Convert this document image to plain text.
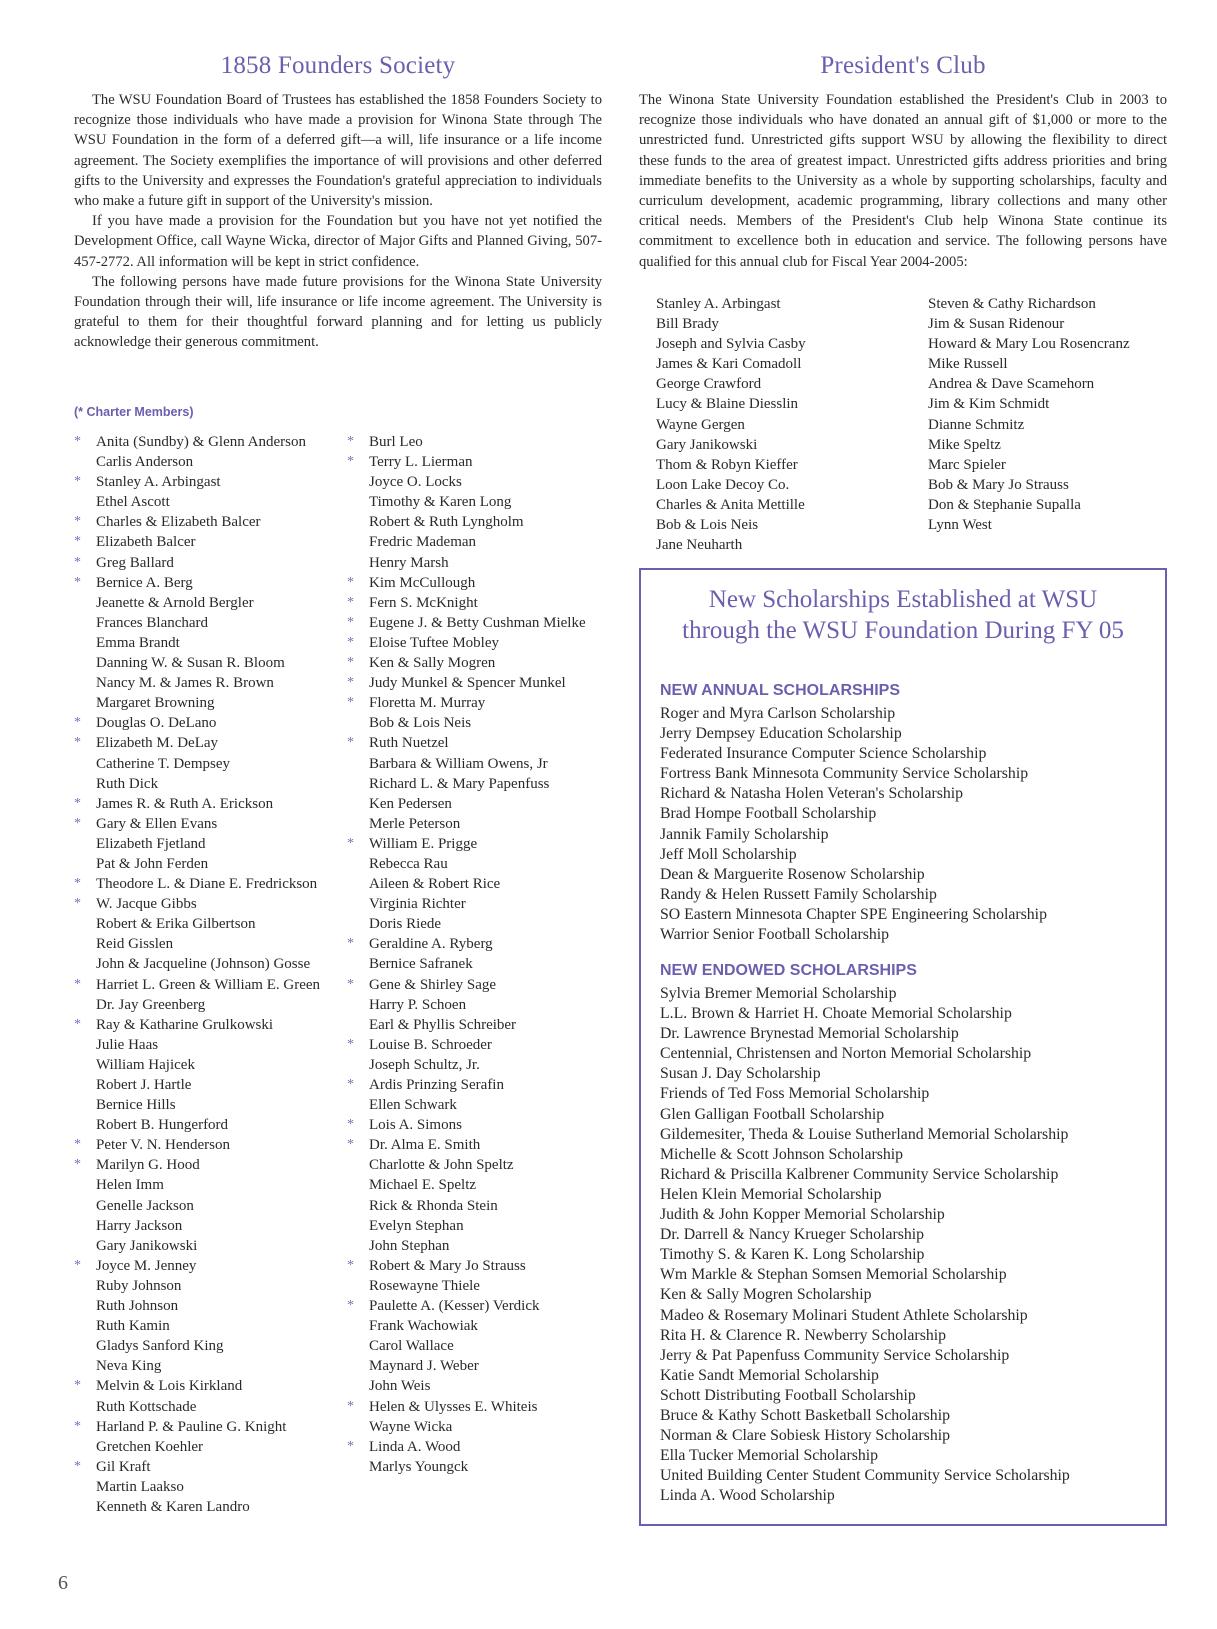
1858 Founders Society

The WSU Foundation Board of Trustees has established the 1858 Founders Society to recognize those individuals who have made a provision for Winona State through The WSU Foundation in the form of a deferred gift—a will, life insurance or a life income agreement. The Society exemplifies the importance of will provisions and other deferred gifts to the University and expresses the Foundation's grateful appreciation to individuals who make a future gift in support of the University's mission.

If you have made a provision for the Foundation but you have not yet notified the Development Office, call Wayne Wicka, director of Major Gifts and Planned Giving, 507-457-2772. All information will be kept in strict confidence.

The following persons have made future provisions for the Winona State University Foundation through their will, life insurance or life income agreement. The University is grateful to them for their thoughtful forward planning and for letting us publicly acknowledge their generous commitment.

(* Charter Members)
* Anita (Sundby) & Glenn Anderson
Carlis Anderson
* Stanley A. Arbingast
Ethel Ascott
* Charles & Elizabeth Balcer
* Elizabeth Balcer
* Greg Ballard
* Bernice A. Berg
Jeanette & Arnold Bergler
Frances Blanchard
Emma Brandt
Danning W. & Susan R. Bloom
Nancy M. & James R. Brown
Margaret Browning
* Douglas O. DeLano
* Elizabeth M. DeLay
Catherine T. Dempsey
Ruth Dick
* James R. & Ruth A. Erickson
* Gary & Ellen Evans
Elizabeth Fjetland
Pat & John Ferden
* Theodore L. & Diane E. Fredrickson
* W. Jacque Gibbs
Robert & Erika Gilbertson
Reid Gisslen
John & Jacqueline (Johnson) Gosse
* Harriet L. Green & William E. Green
Dr. Jay Greenberg
* Ray & Katharine Grulkowski
Julie Haas
William Hajicek
Robert J. Hartle
Bernice Hills
Robert B. Hungerford
* Peter V. N. Henderson
* Marilyn G. Hood
Helen Imm
Genelle Jackson
Harry Jackson
Gary Janikowski
* Joyce M. Jenney
Ruby Johnson
Ruth Johnson
Ruth Kamin
Gladys Sanford King
Neva King
* Melvin & Lois Kirkland
Ruth Kottschade
* Harland P. & Pauline G. Knight
Gretchen Koehler
* Gil Kraft
Martin Laakso
Kenneth & Karen Landro
* Burl Leo
* Terry L. Lierman
Joyce O. Locks
Timothy & Karen Long
Robert & Ruth Lyngholm
Fredric Mademan
Henry Marsh
* Kim McCullough
* Fern S. McKnight
* Eugene J. & Betty Cushman Mielke
* Eloise Tuftee Mobley
* Ken & Sally Mogren
* Judy Munkel & Spencer Munkel
* Floretta M. Murray
Bob & Lois Neis
* Ruth Nuetzel
Barbara & William Owens, Jr
Richard L. & Mary Papenfuss
Ken Pedersen
Merle Peterson
* William E. Prigge
Rebecca Rau
Aileen & Robert Rice
Virginia Richter
Doris Riede
* Geraldine A. Ryberg
Bernice Safranek
* Gene & Shirley Sage
Harry P. Schoen
Earl & Phyllis Schreiber
* Louise B. Schroeder
Joseph Schultz, Jr.
* Ardis Prinzing Serafin
Ellen Schwark
* Lois A. Simons
* Dr. Alma E. Smith
Charlotte & John Speltz
Michael E. Speltz
Rick & Rhonda Stein
Evelyn Stephan
John Stephan
* Robert & Mary Jo Strauss
Rosewayne Thiele
* Paulette A. (Kesser) Verdick
Frank Wachowiak
Carol Wallace
Maynard J. Weber
John Weis
* Helen & Ulysses E. Whiteis
Wayne Wicka
* Linda A. Wood
Marlys Youngck
President's Club

The Winona State University Foundation established the President's Club in 2003 to recognize those individuals who have donated an annual gift of $1,000 or more to the unrestricted fund. Unrestricted gifts support WSU by allowing the flexibility to direct these funds to the area of greatest impact. Unrestricted gifts address priorities and bring immediate benefits to the University as a whole by supporting scholarships, faculty and curriculum development, academic programming, library collections and many other critical needs. Members of the President's Club help Winona State continue its commitment to excellence both in education and service. The following persons have qualified for this annual club for Fiscal Year 2004-2005:

Stanley A. Arbingast
Bill Brady
Joseph and Sylvia Casby
James & Kari Comadoll
George Crawford
Lucy & Blaine Diesslin
Wayne Gergen
Gary Janikowski
Thom & Robyn Kieffer
Loon Lake Decoy Co.
Charles & Anita Mettille
Bob & Lois Neis
Jane Neuharth
Steven & Cathy Richardson
Jim & Susan Ridenour
Howard & Mary Lou Rosencranz
Mike Russell
Andrea & Dave Scamehorn
Jim & Kim Schmidt
Dianne Schmitz
Mike Speltz
Marc Spieler
Bob & Mary Jo Strauss
Don & Stephanie Supalla
Lynn West
New Scholarships Established at WSU
through the WSU Foundation During FY 05
NEW ANNUAL SCHOLARSHIPS
Roger and Myra Carlson Scholarship
Jerry Dempsey Education Scholarship
Federated Insurance Computer Science Scholarship
Fortress Bank Minnesota Community Service Scholarship
Richard & Natasha Holen Veteran's Scholarship
Brad Hompe Football Scholarship
Jannik Family Scholarship
Jeff Moll Scholarship
Dean & Marguerite Rosenow Scholarship
Randy & Helen Russett Family Scholarship
SO Eastern Minnesota Chapter SPE Engineering Scholarship
Warrior Senior Football Scholarship
NEW ENDOWED SCHOLARSHIPS
Sylvia Bremer Memorial Scholarship
L.L. Brown & Harriet H. Choate Memorial Scholarship
Dr. Lawrence Brynestad Memorial Scholarship
Centennial, Christensen and Norton Memorial Scholarship
Susan J. Day Scholarship
Friends of Ted Foss Memorial Scholarship
Glen Galligan Football Scholarship
Gildemesiter, Theda & Louise Sutherland Memorial Scholarship
Michelle & Scott Johnson Scholarship
Richard & Priscilla Kalbrener Community Service Scholarship
Helen Klein Memorial Scholarship
Judith & John Kopper Memorial Scholarship
Dr. Darrell & Nancy Krueger Scholarship
Timothy S. & Karen K. Long Scholarship
Wm Markle & Stephan Somsen Memorial Scholarship
Ken & Sally Mogren Scholarship
Madeo & Rosemary Molinari Student Athlete Scholarship
Rita H. & Clarence R. Newberry Scholarship
Jerry & Pat Papenfuss Community Service Scholarship
Katie Sandt Memorial Scholarship
Schott Distributing Football Scholarship
Bruce & Kathy Schott Basketball Scholarship
Norman & Clare Sobiesk History Scholarship
Ella Tucker Memorial Scholarship
United Building Center Student Community Service Scholarship
Linda A. Wood Scholarship
6
